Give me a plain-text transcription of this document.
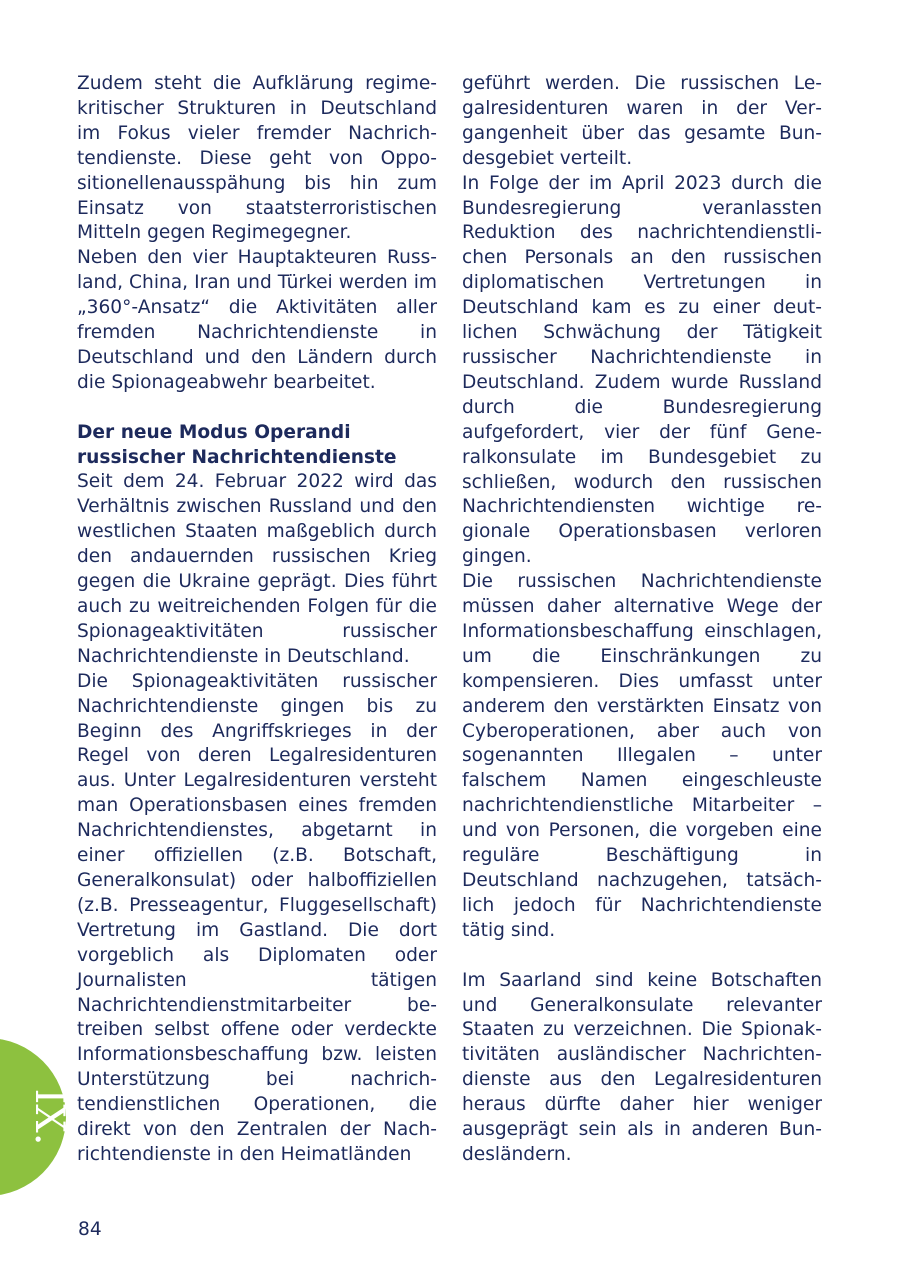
Zudem steht die Aufklärung regimekritischer Strukturen in Deutschland im Fokus vieler fremder Nachrichtendienste. Diese geht von Oppositionellenausspähung bis hin zum Einsatz von staatsterroristischen Mitteln gegen Regimegegner.

Neben den vier Hauptakteuren Russland, China, Iran und Türkei werden im „360°-Ansatz“ die Aktivitäten aller fremden Nachrichtendienste in Deutschland und den Ländern durch die Spionageabwehr bearbeitet.

Der neue Modus Operandi
russischer Nachrichtendienste

Seit dem 24. Februar 2022 wird das Verhältnis zwischen Russland und den westlichen Staaten maßgeblich durch den andauernden russischen Krieg gegen die Ukraine geprägt. Dies führt auch zu weitreichenden Folgen für die Spionageaktivitäten russischer Nachrichtendienste in Deutschland.

Die Spionageaktivitäten russischer Nachrichtendienste gingen bis zu Beginn des Angriffskrieges in der Regel von deren Legalresidenturen aus. Unter Legalresidenturen versteht man Operationsbasen eines fremden Nachrichtendienstes, abgetarnt in einer offiziellen (z.B. Botschaft, Generalkonsulat) oder halboffiziellen (z.B. Presseagentur, Fluggesellschaft) Vertretung im Gastland. Die dort vorgeblich als Diplomaten oder Journalisten tätigen Nachrichtendienstmitarbeiter betreiben selbst offene oder verdeckte Informationsbeschaffung bzw. leisten Unterstützung bei nachrichtendienstlichen Operationen, die direkt von den Zentralen der Nachrichtendienste in den Heimatländen

geführt werden. Die russischen Legalresidenturen waren in der Vergangenheit über das gesamte Bundesgebiet verteilt.

In Folge der im April 2023 durch die Bundesregierung veranlassten Reduktion des nachrichtendienstlichen Personals an den russischen diplomatischen Vertretungen in Deutschland kam es zu einer deutlichen Schwächung der Tätigkeit russischer Nachrichtendienste in Deutschland. Zudem wurde Russland durch die Bundesregierung aufgefordert, vier der fünf Generalkonsulate im Bundesgebiet zu schließen, wodurch den russischen Nachrichtendiensten wichtige regionale Operationsbasen verloren gingen.

Die russischen Nachrichtendienste müssen daher alternative Wege der Informationsbeschaffung einschlagen, um die Einschränkungen zu kompensieren. Dies umfasst unter anderem den verstärkten Einsatz von Cyberoperationen, aber auch von sogenannten Illegalen – unter falschem Namen eingeschleuste nachrichtendienstliche Mitarbeiter – und von Personen, die vorgeben eine reguläre Beschäftigung in Deutschland nachzugehen, tatsächlich jedoch für Nachrichtendienste tätig sind.

Im Saarland sind keine Botschaften und Generalkonsulate relevanter Staaten zu verzeichnen. Die Spionaktivitäten ausländischer Nachrichtendienste aus den Legalresidenturen heraus dürfte daher hier weniger ausgeprägt sein als in anderen Bundesländern.

IX.
84
